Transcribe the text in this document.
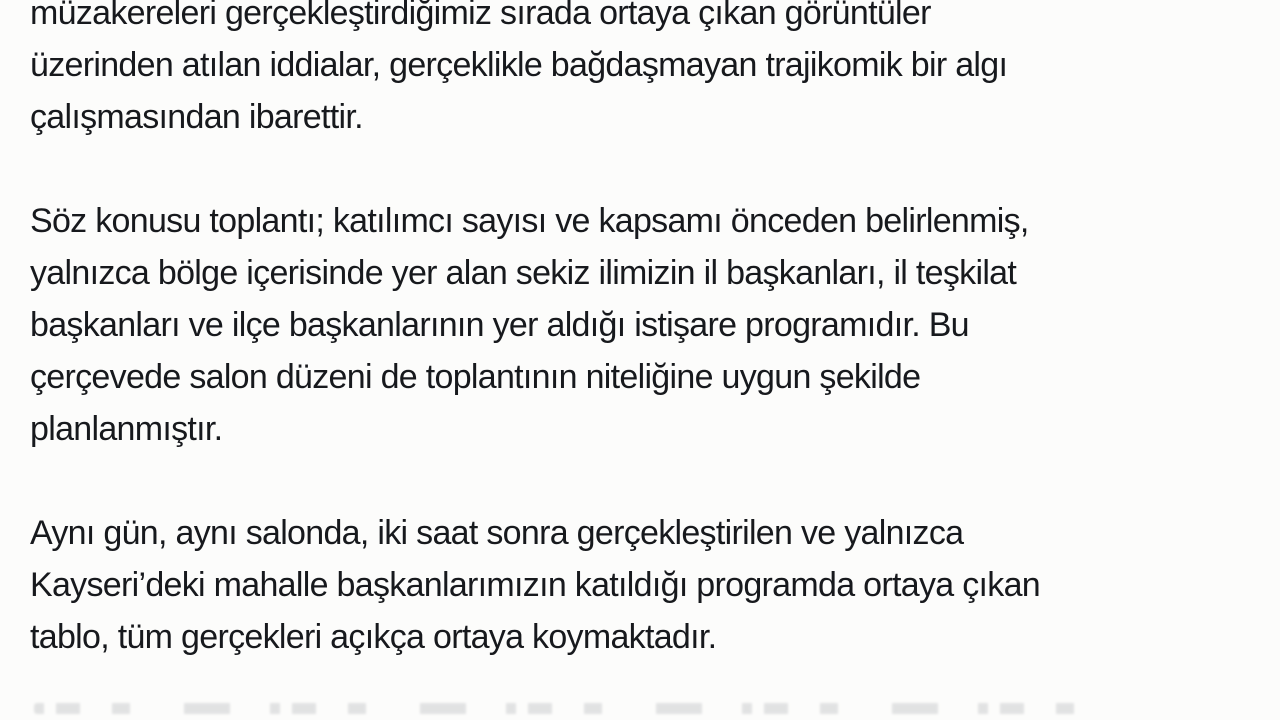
müzakereleri gerçekleştirdiğimiz sırada ortaya çıkan görüntüler
üzerinden atılan iddialar, gerçeklikle bağdaşmayan trajikomik bir algı
çalışmasından ibarettir.

Söz konusu toplantı; katılımcı sayısı ve kapsamı önceden belirlenmiş,
yalnızca bölge içerisinde yer alan sekiz ilimizin il başkanları, il teşkilat
başkanları ve ilçe başkanlarının yer aldığı istişare programıdır. Bu
çerçevede salon düzeni de toplantının niteliğine uygun şekilde
planlanmıştır.

Aynı gün, aynı salonda, iki saat sonra gerçekleştirilen ve yalnızca
Kayseri’deki mahalle başkanlarımızın katıldığı programda ortaya çıkan
tablo, tüm gerçekleri açıkça ortaya koymaktadır.
